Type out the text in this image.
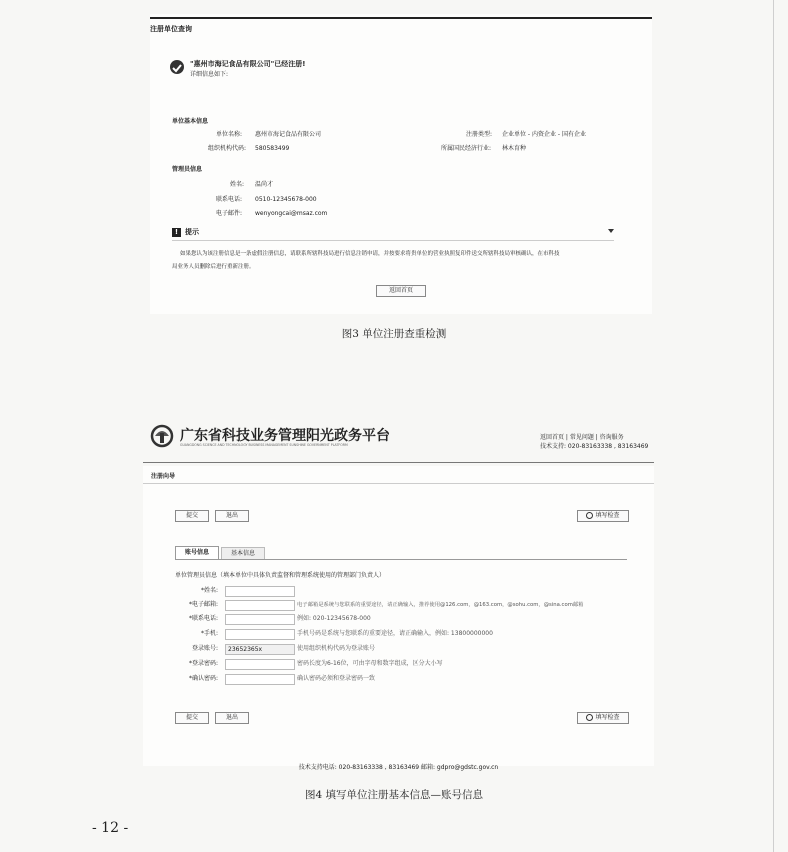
注册单位查询
"惠州市海记食品有限公司"已经注册!
详细信息如下:
单位基本信息
单位名称: 惠州市海记食品有限公司
组织机构代码: 580583499
注册类型: 企业单位 - 内资企业 - 国有企业
所属国民经济行业: 林木育种
管理员信息
姓名: 温尚才
联系电话: 0510-12345678-000
电子邮件: wenyongcai@msaz.com
! 提示
如果您认为该注册信息是一条虚假注册信息，请联系所辖科技局进行信息注销申请，并按要求将贵单位的营业执照复印件送交所辖科技局审核确认，在市科技
局业务人员删除后进行重新注册。
返回首页
图3 单位注册查重检测
广东省科技业务管理阳光政务平台
GUANGDONG SCIENCE AND TECHNOLOGY BUSINESS MANAGEMENT SUNSHINE GOVERNMENT PLATFORM
返回首页 | 常见问题 | 咨询服务
技术支持: 020-83163338 , 83163469
注册向导
提交	退出	填写检查
账号信息	基本信息
单位管理员信息（填本单位中具体负责监督和管理系统使用的管理部门负责人）
*姓名:
*电子邮箱:	电子邮箱是系统与您联系的重要途径，请正确输入，推荐使用@126.com，@163.com，@sohu.com，@sina.com邮箱
*联系电话:	例如: 020-12345678-000
*手机:	手机号码是系统与您联系的重要途径，请正确输入，例如: 13800000000
登录账号:	23652365x	使用组织机构代码为登录账号
*登录密码:	密码长度为6-16位，可由字母和数字组成，区分大小写
*确认密码:	确认密码必须和登录密码一致
提交	退出	填写检查
技术支持电话: 020-83163338 , 83163469 邮箱: gdpro@gdstc.gov.cn
图4 填写单位注册基本信息—账号信息
- 12 -
